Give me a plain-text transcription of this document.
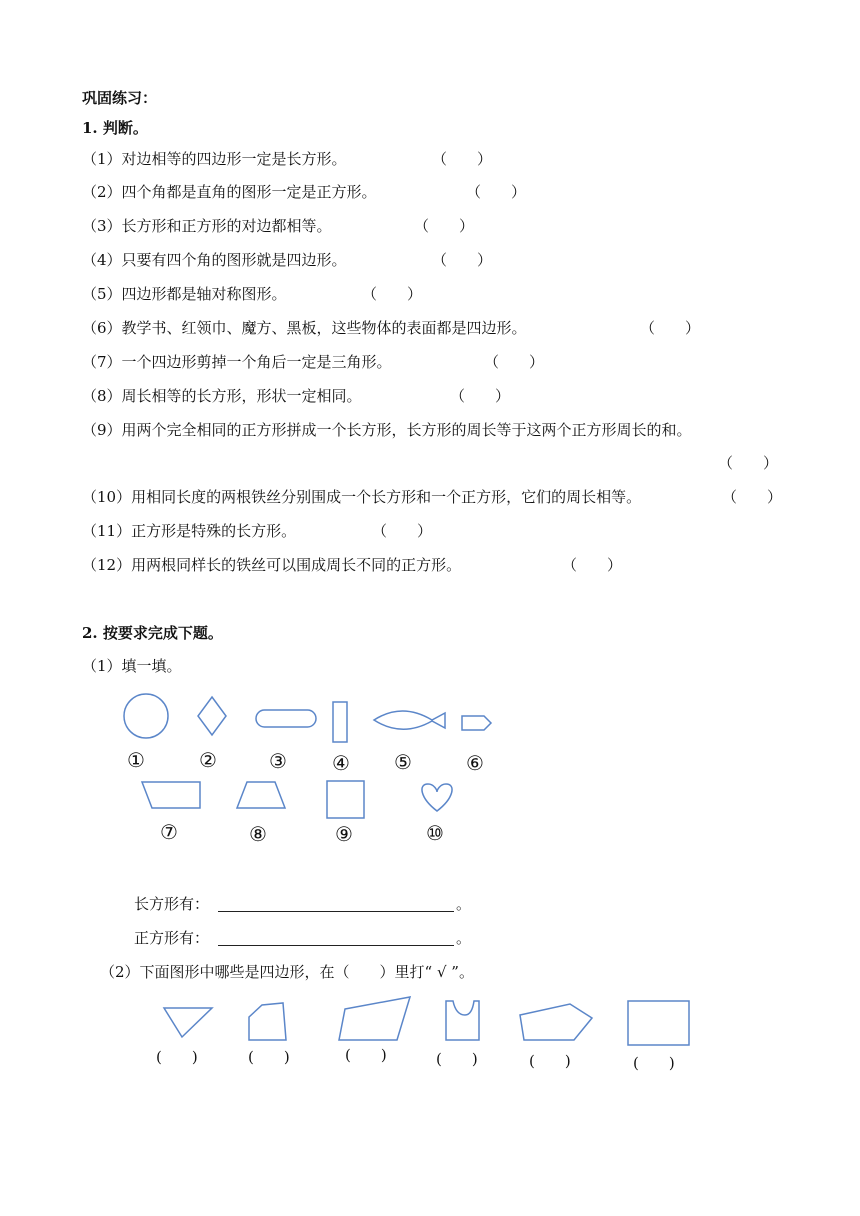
巩固练习：
1. 判断。
（1）对边相等的四边形一定是长方形。	（　　）
（2）四个角都是直角的图形一定是正方形。	（　　）
（3）长方形和正方形的对边都相等。	（　　）
（4）只要有四个角的图形就是四边形。	（　　）
（5）四边形都是轴对称图形。	（　　）
（6）教学书、红领巾、魔方、黑板，这些物体的表面都是四边形。	（　　）
（7）一个四边形剪掉一个角后一定是三角形。	（　　）
（8）周长相等的长方形，形状一定相同。	（　　）
（9）用两个完全相同的正方形拼成一个长方形，长方形的周长等于这两个正方形周长的和。
（　　）
（10）用相同长度的两根铁丝分别围成一个长方形和一个正方形，它们的周长相等。	（　　）
（11）正方形是特殊的长方形。	（　　）
（12）用两根同样长的铁丝可以围成周长不同的正方形。	（　　）
2. 按要求完成下题。
（1）填一填。
①	②	③ ④ ⑤	⑥
⑦	⑧	⑨	⑩
长方形有：	。
正方形有：	。
（2）下面图形中哪些是四边形，在（　　）里打“ √ ”。
(　　)	(　　)	(　　)	(　　)	(　　)	(　　)
